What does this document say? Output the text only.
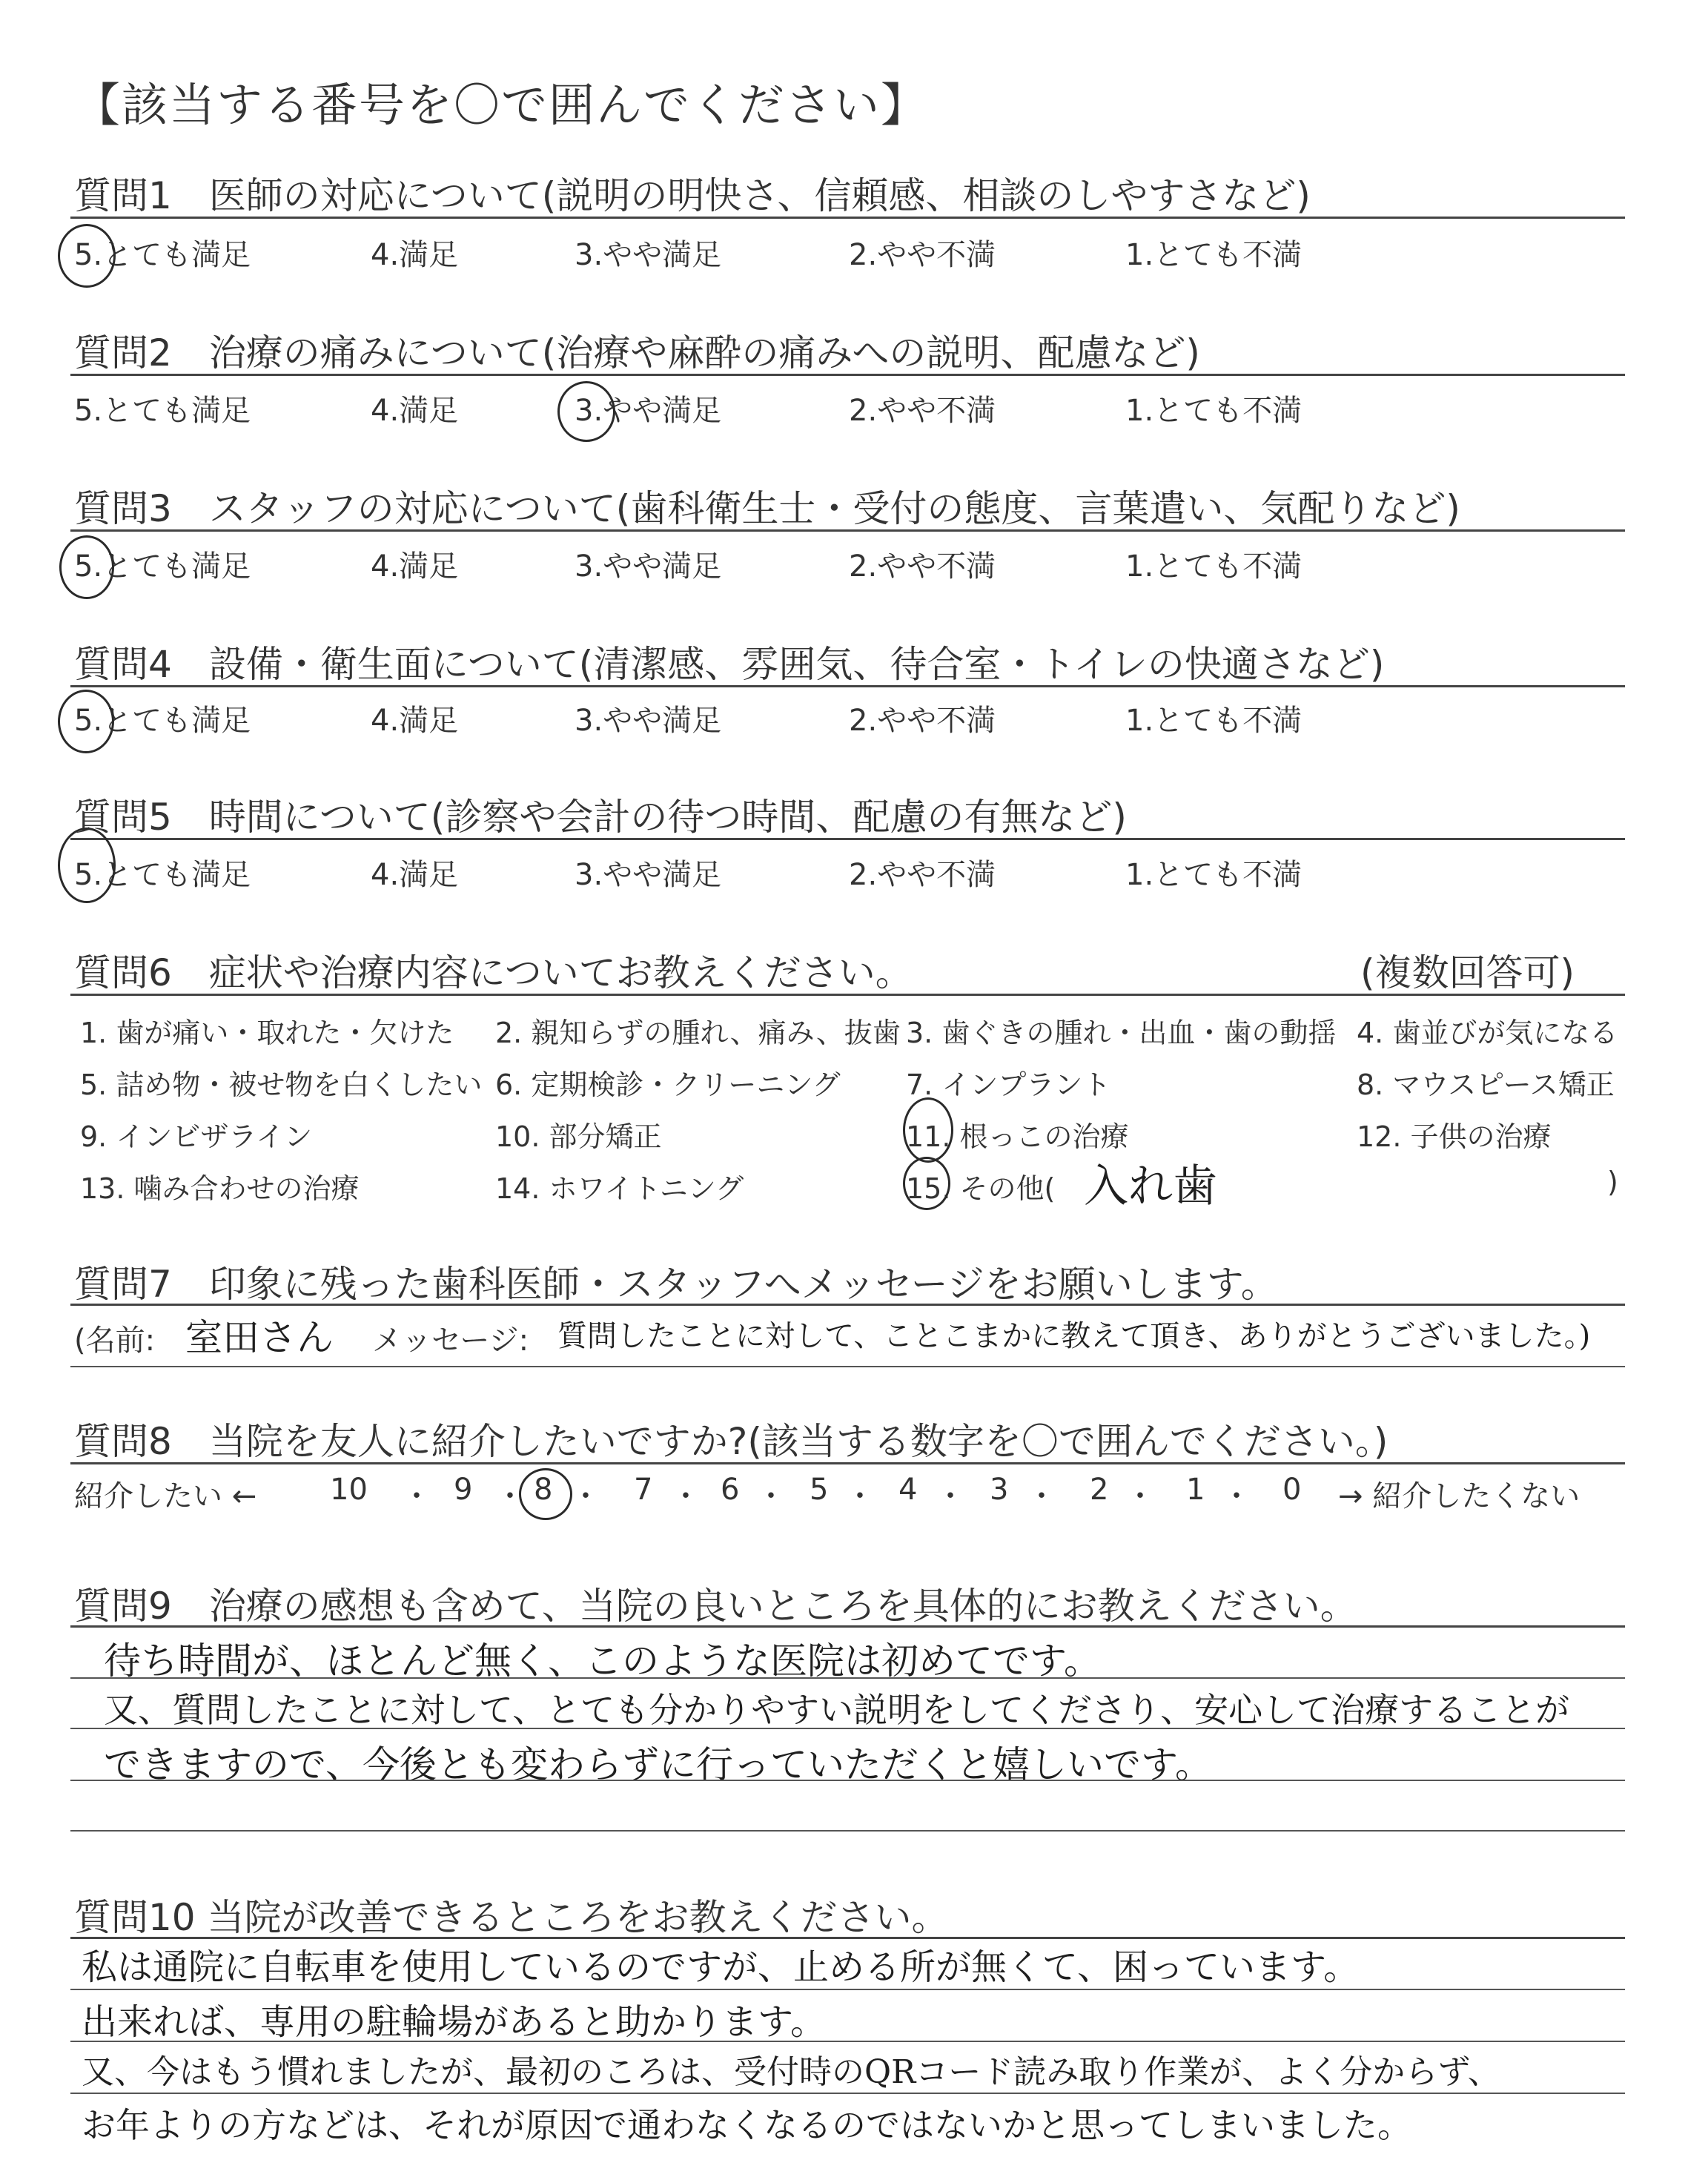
【該当する番号を〇で囲んでください】
質問1　 医師の対応について(説明の明快さ、信頼感、相談のしやすさなど)
5.とても満足	4.満足	3.やや満足	2.やや不満	1.とても不満
質問2　 治療の痛みについて(治療や麻酔の痛みへの説明、配慮など)
5.とても満足	4.満足	3.やや満足	2.やや不満	1.とても不満
質問3　 スタッフの対応について(歯科衛生士・受付の態度、言葉遣い、気配りなど)
5.とても満足	4.満足	3.やや満足	2.やや不満	1.とても不満
質問4　 設備・衛生面について(清潔感、雰囲気、待合室・トイレの快適さなど)
5.とても満足	4.満足	3.やや満足	2.やや不満	1.とても不満
質問5　 時間について(診察や会計の待つ時間、配慮の有無など)
5.とても満足	4.満足	3.やや満足	2.やや不満	1.とても不満
質問6　 症状や治療内容についてお教えください。	(複数回答可)
1. 歯が痛い・取れた・欠けた 2. 親知らずの腫れ、痛み、抜歯 3. 歯ぐきの腫れ・出血・歯の動揺 4. 歯並びが気になる
5. 詰め物・被せ物を白くしたい 6. 定期検診・クリーニング 7. インプラント	8. マウスピース矯正
9. インビザライン	10. 部分矯正	11. 根っこの治療	12. 子供の治療
13. 噛み合わせの治療	14. ホワイトニング	15. その他( 入れ歯	)
質問7　 印象に残った歯科医師・スタッフへメッセージをお願いします。
(名前: 室田さん メッセージ: 質問したことに対して、ことこまかに教えて頂き、ありがとうございました。)
質問8　 当院を友人に紹介したいですか?(該当する数字を〇で囲んでください。)
紹介したい ← 10 ・ 9 ・ 8 ・ 7 ・ 6 ・ 5 ・ 4 ・ 3 ・ 2 ・ 1 ・ 0 → 紹介したくない
質問9　 治療の感想も含めて、当院の良いところを具体的にお教えください。
待ち時間が、ほとんど無く、このような医院は初めてです。
又、質問したことに対して、とても分かりやすい説明をしてくださり、安心して治療することが
できますので、今後とも変わらずに行っていただくと嬉しいです。
質問10 当院が改善できるところをお教えください。
私は通院に自転車を使用しているのですが、止める所が無くて、困っています。
出来れば、専用の駐輪場があると助かります。
又、今はもう慣れましたが、最初のころは、受付時のQRコード読み取り作業が、よく分からず、
お年よりの方などは、それが原因で通わなくなるのではないかと思ってしまいました。
